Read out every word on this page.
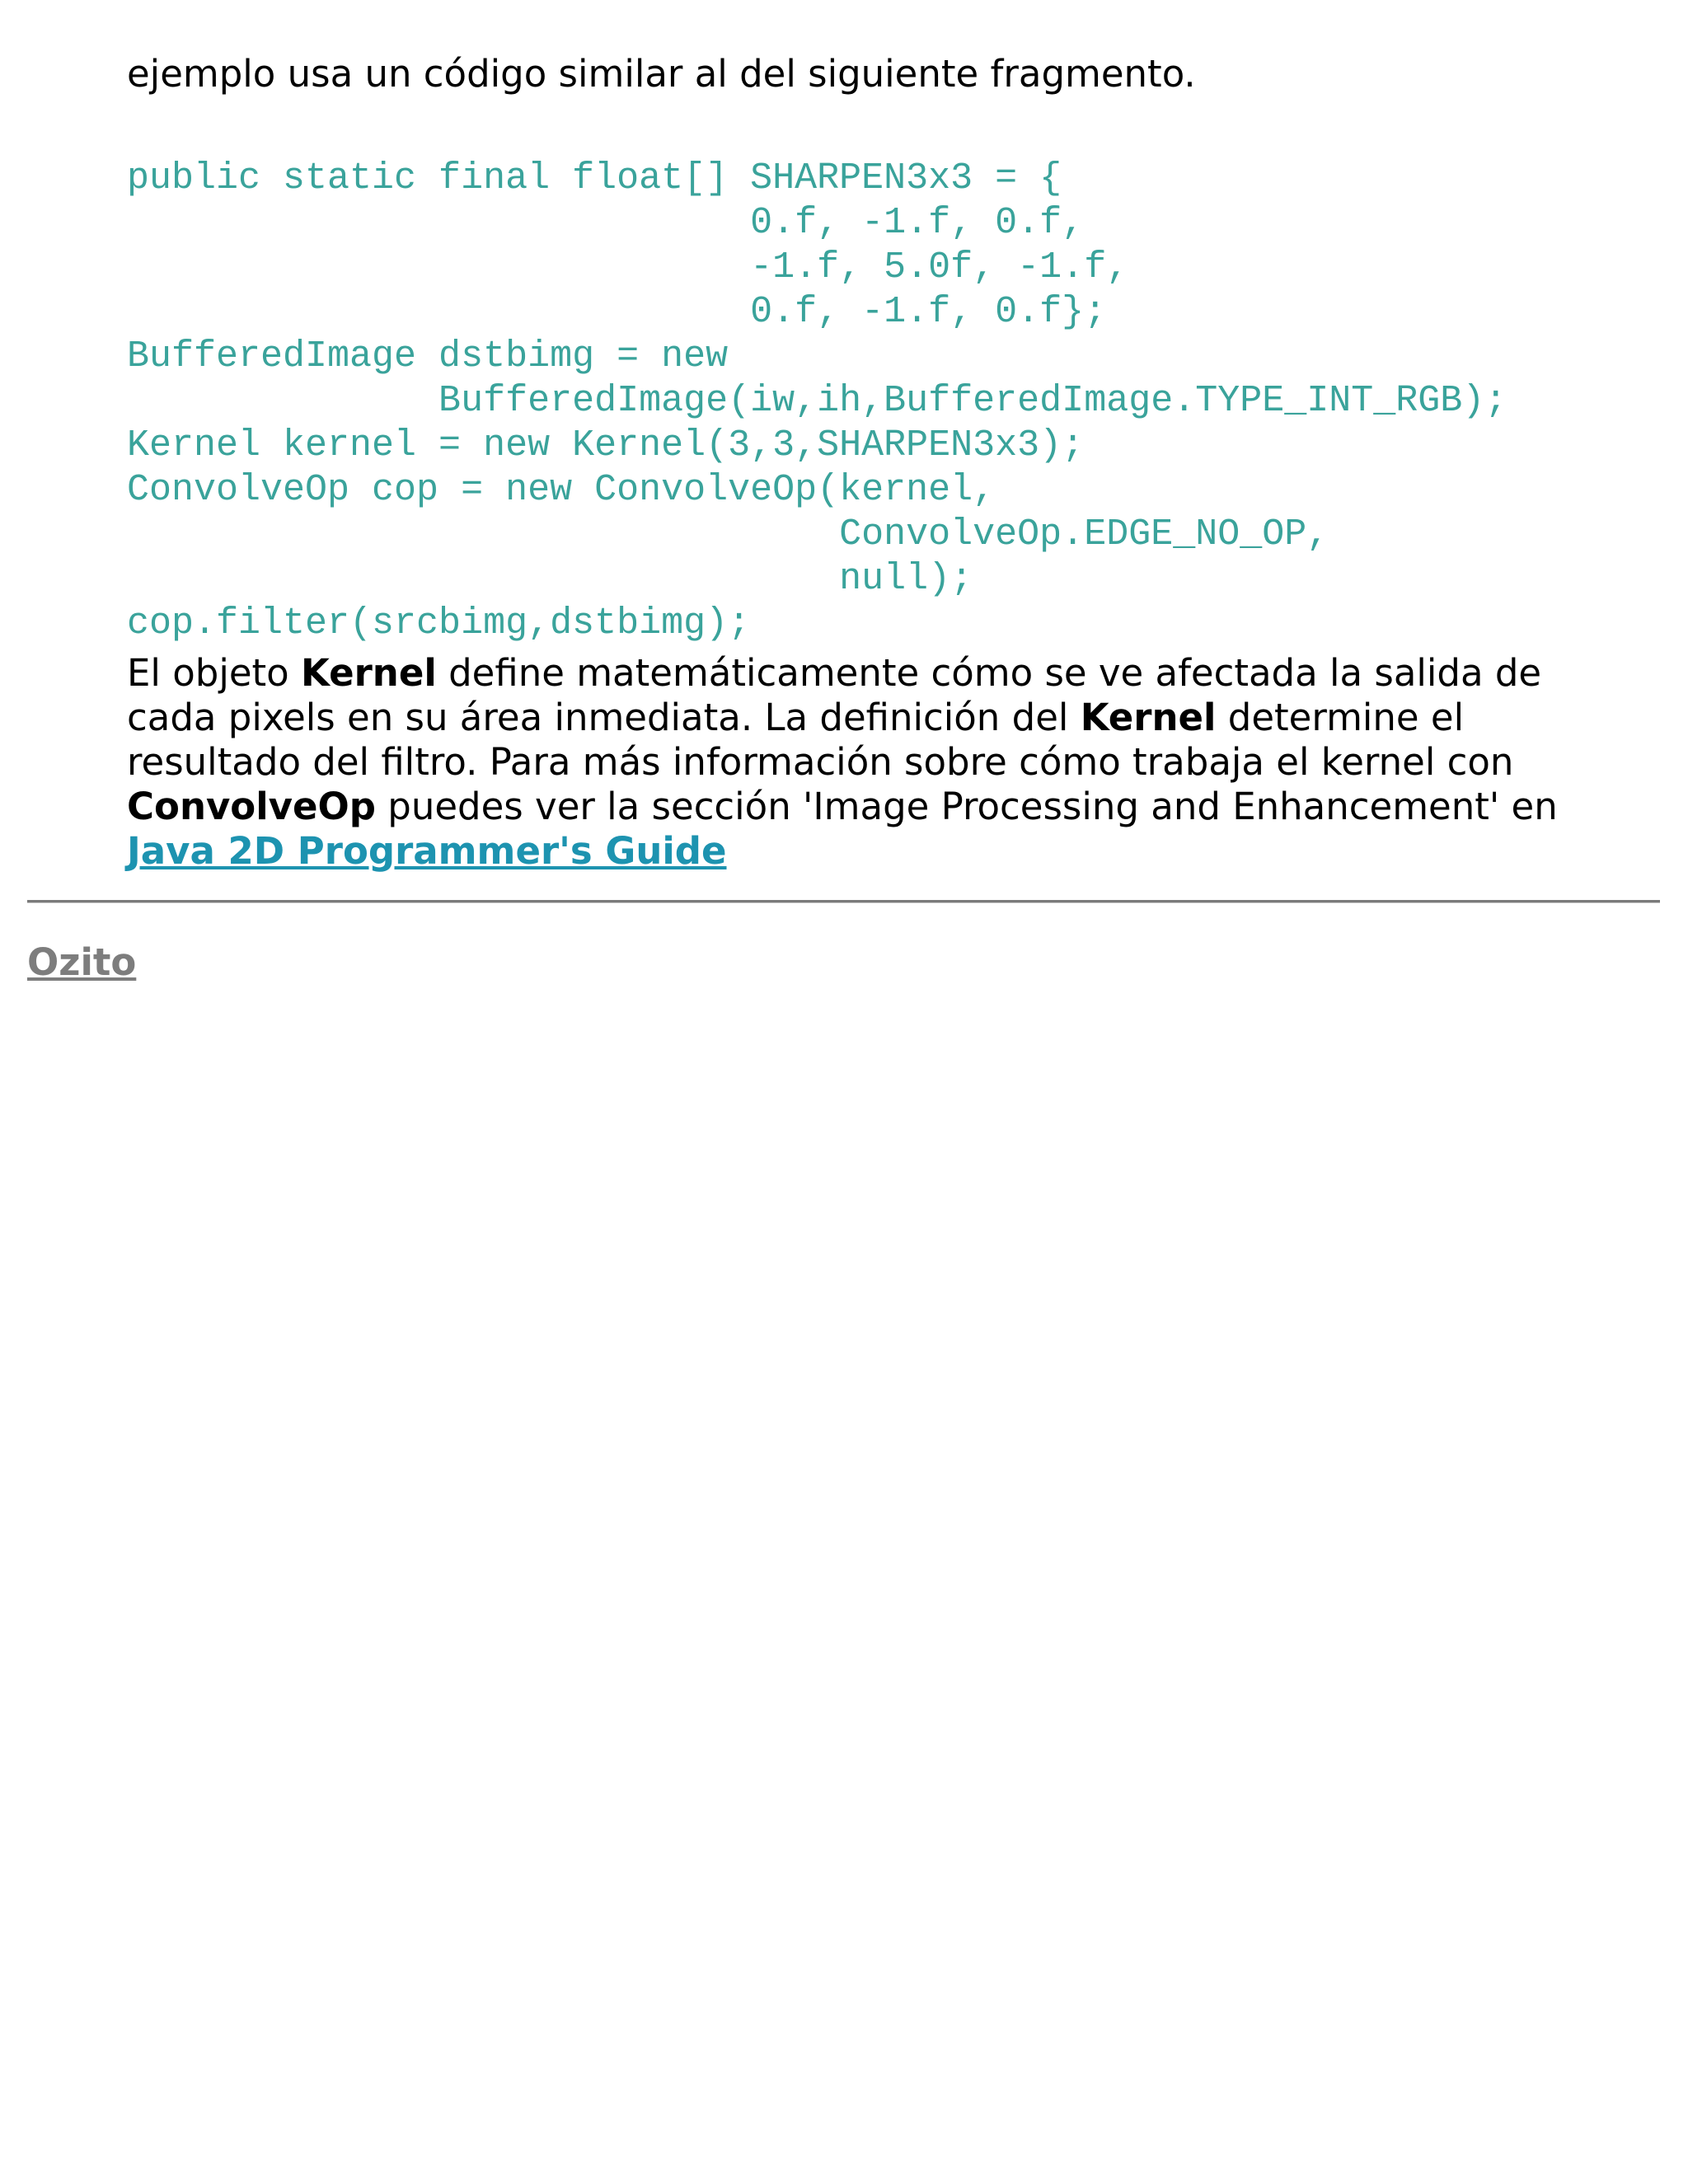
ejemplo usa un código similar al del siguiente fragmento.

public static final float[] SHARPEN3x3 = {
0.f, -1.f, 0.f,
-1.f, 5.0f, -1.f,
0.f, -1.f, 0.f};
BufferedImage dstbimg = new
BufferedImage(iw,ih,BufferedImage.TYPE_INT_RGB);
Kernel kernel = new Kernel(3,3,SHARPEN3x3);
ConvolveOp cop = new ConvolveOp(kernel,
ConvolveOp.EDGE_NO_OP,
null);
cop.filter(srcbimg,dstbimg);

El objeto Kernel define matemáticamente cómo se ve afectada la salida de cada pixels en su área inmediata. La definición del Kernel determine el resultado del filtro. Para más información sobre cómo trabaja el kernel con ConvolveOp puedes ver la sección 'Image Processing and Enhancement' en Java 2D Programmer's Guide

Ozito
